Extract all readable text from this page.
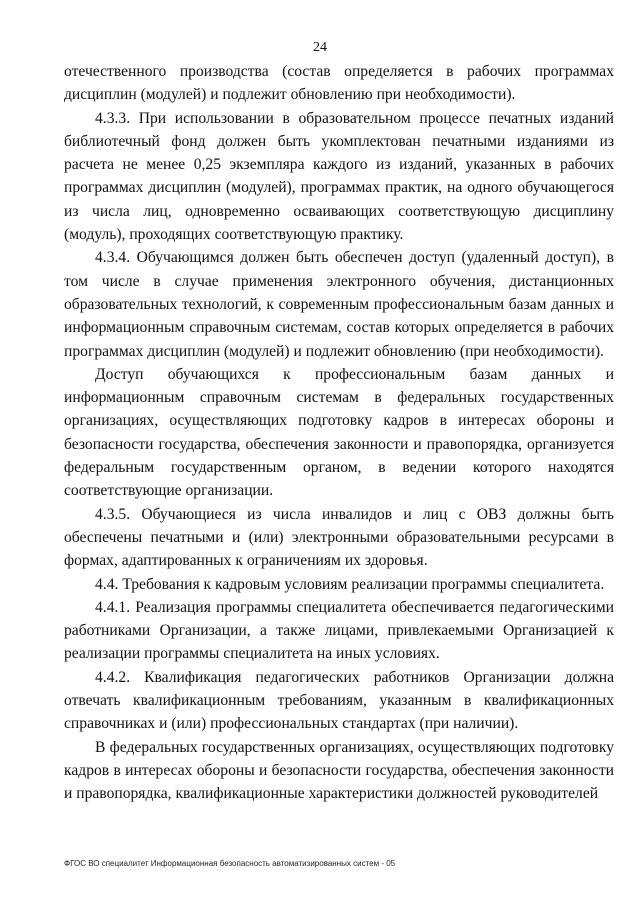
24

отечественного производства (состав определяется в рабочих программах дисциплин (модулей) и подлежит обновлению при необходимости).

4.3.3. При использовании в образовательном процессе печатных изданий библиотечный фонд должен быть укомплектован печатными изданиями из расчета не менее 0,25 экземпляра каждого из изданий, указанных в рабочих программах дисциплин (модулей), программах практик, на одного обучающегося из числа лиц, одновременно осваивающих соответствующую дисциплину (модуль), проходящих соответствующую практику.

4.3.4. Обучающимся должен быть обеспечен доступ (удаленный доступ), в том числе в случае применения электронного обучения, дистанционных образовательных технологий, к современным профессиональным базам данных и информационным справочным системам, состав которых определяется в рабочих программах дисциплин (модулей) и подлежит обновлению (при необходимости).

Доступ обучающихся к профессиональным базам данных и информационным справочным системам в федеральных государственных организациях, осуществляющих подготовку кадров в интересах обороны и безопасности государства, обеспечения законности и правопорядка, организуется федеральным государственным органом, в ведении которого находятся соответствующие организации.

4.3.5. Обучающиеся из числа инвалидов и лиц с ОВЗ должны быть обеспечены печатными и (или) электронными образовательными ресурсами в формах, адаптированных к ограничениям их здоровья.

4.4. Требования к кадровым условиям реализации программы специалитета.

4.4.1. Реализация программы специалитета обеспечивается педагогическими работниками Организации, а также лицами, привлекаемыми Организацией к реализации программы специалитета на иных условиях.

4.4.2. Квалификация педагогических работников Организации должна отвечать квалификационным требованиям, указанным в квалификационных справочниках и (или) профессиональных стандартах (при наличии).

В федеральных государственных организациях, осуществляющих подготовку кадров в интересах обороны и безопасности государства, обеспечения законности и правопорядка, квалификационные характеристики должностей руководителей

ФГОС ВО специалитет Информационная безопасность автоматизированных систем - 05
